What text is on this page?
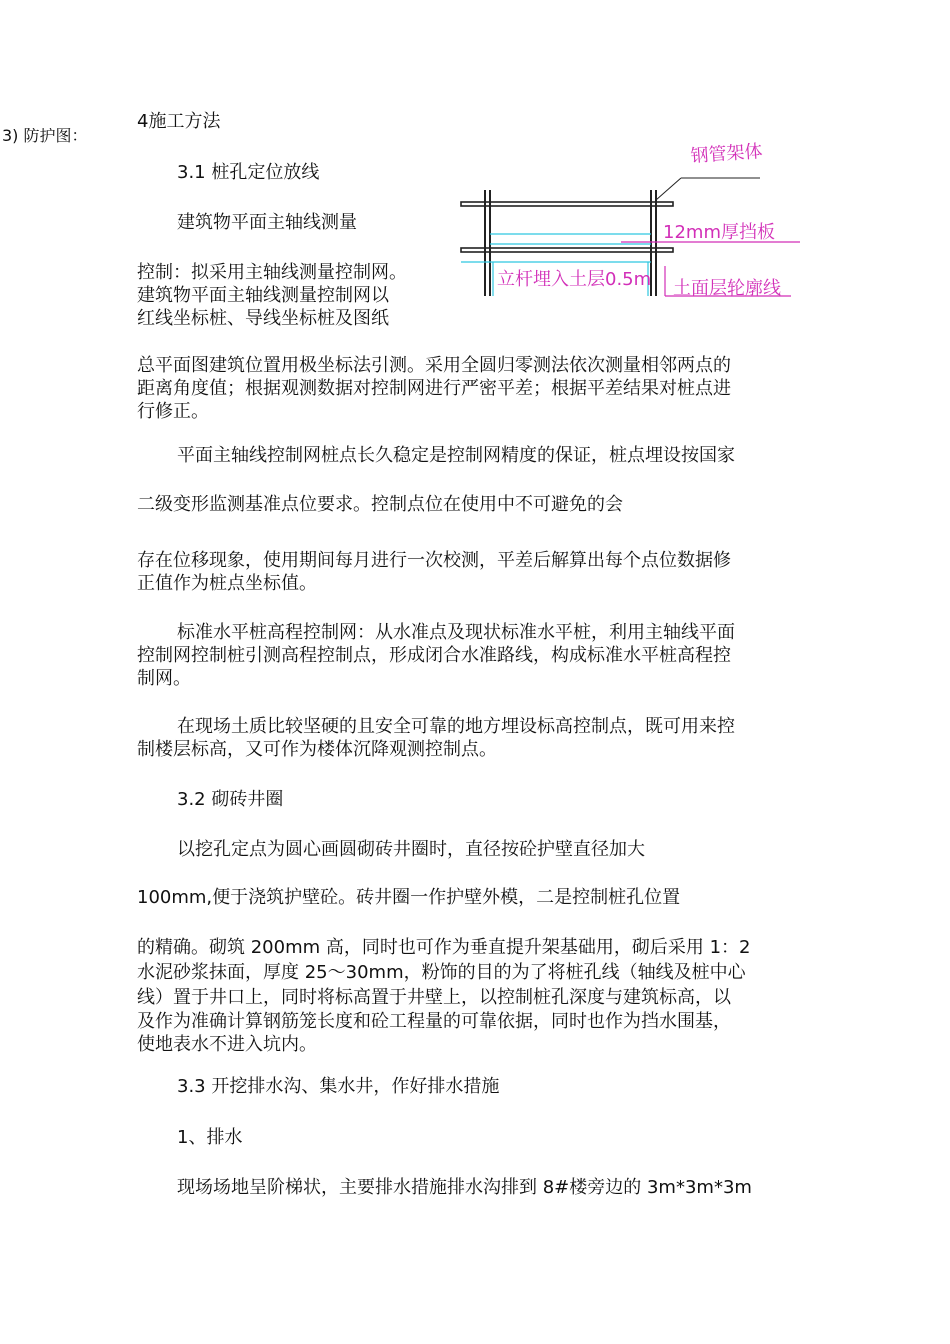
3) 防护图：
4施工方法
3.1 桩孔定位放线
建筑物平面主轴线测量
控制：拟采用主轴线测量控制网。
建筑物平面主轴线测量控制网以
红线坐标桩、导线坐标桩及图纸
钢管架体
12mm厚挡板
立杆埋入土层0.5m 土面层轮廓线
总平面图建筑位置用极坐标法引测。采用全圆归零测法依次测量相邻两点的
距离角度值；根据观测数据对控制网进行严密平差；根据平差结果对桩点进
行修正。
平面主轴线控制网桩点长久稳定是控制网精度的保证，桩点埋设按国家
二级变形监测基准点位要求。控制点位在使用中不可避免的会
存在位移现象，使用期间每月进行一次校测，平差后解算出每个点位数据修
正值作为桩点坐标值。
标准水平桩高程控制网：从水准点及现状标准水平桩，利用主轴线平面
控制网控制桩引测高程控制点，形成闭合水准路线，构成标准水平桩高程控
制网。
在现场土质比较坚硬的且安全可靠的地方埋设标高控制点，既可用来控
制楼层标高，又可作为楼体沉降观测控制点。
3.2 砌砖井圈
以挖孔定点为圆心画圆砌砖井圈时，直径按砼护壁直径加大
100mm,便于浇筑护壁砼。砖井圈一作护壁外模，二是控制桩孔位置
的精确。砌筑 200mm 高，同时也可作为垂直提升架基础用，砌后采用 1：2
水泥砂浆抹面，厚度 25～30mm，粉饰的目的为了将桩孔线（轴线及桩中心
线）置于井口上，同时将标高置于井壁上，以控制桩孔深度与建筑标高，以
及作为准确计算钢筋笼长度和砼工程量的可靠依据，同时也作为挡水围基，
使地表水不进入坑内。
3.3 开挖排水沟、集水井，作好排水措施
1、排水
现场场地呈阶梯状，主要排水措施排水沟排到 8#楼旁边的 3m*3m*3m
